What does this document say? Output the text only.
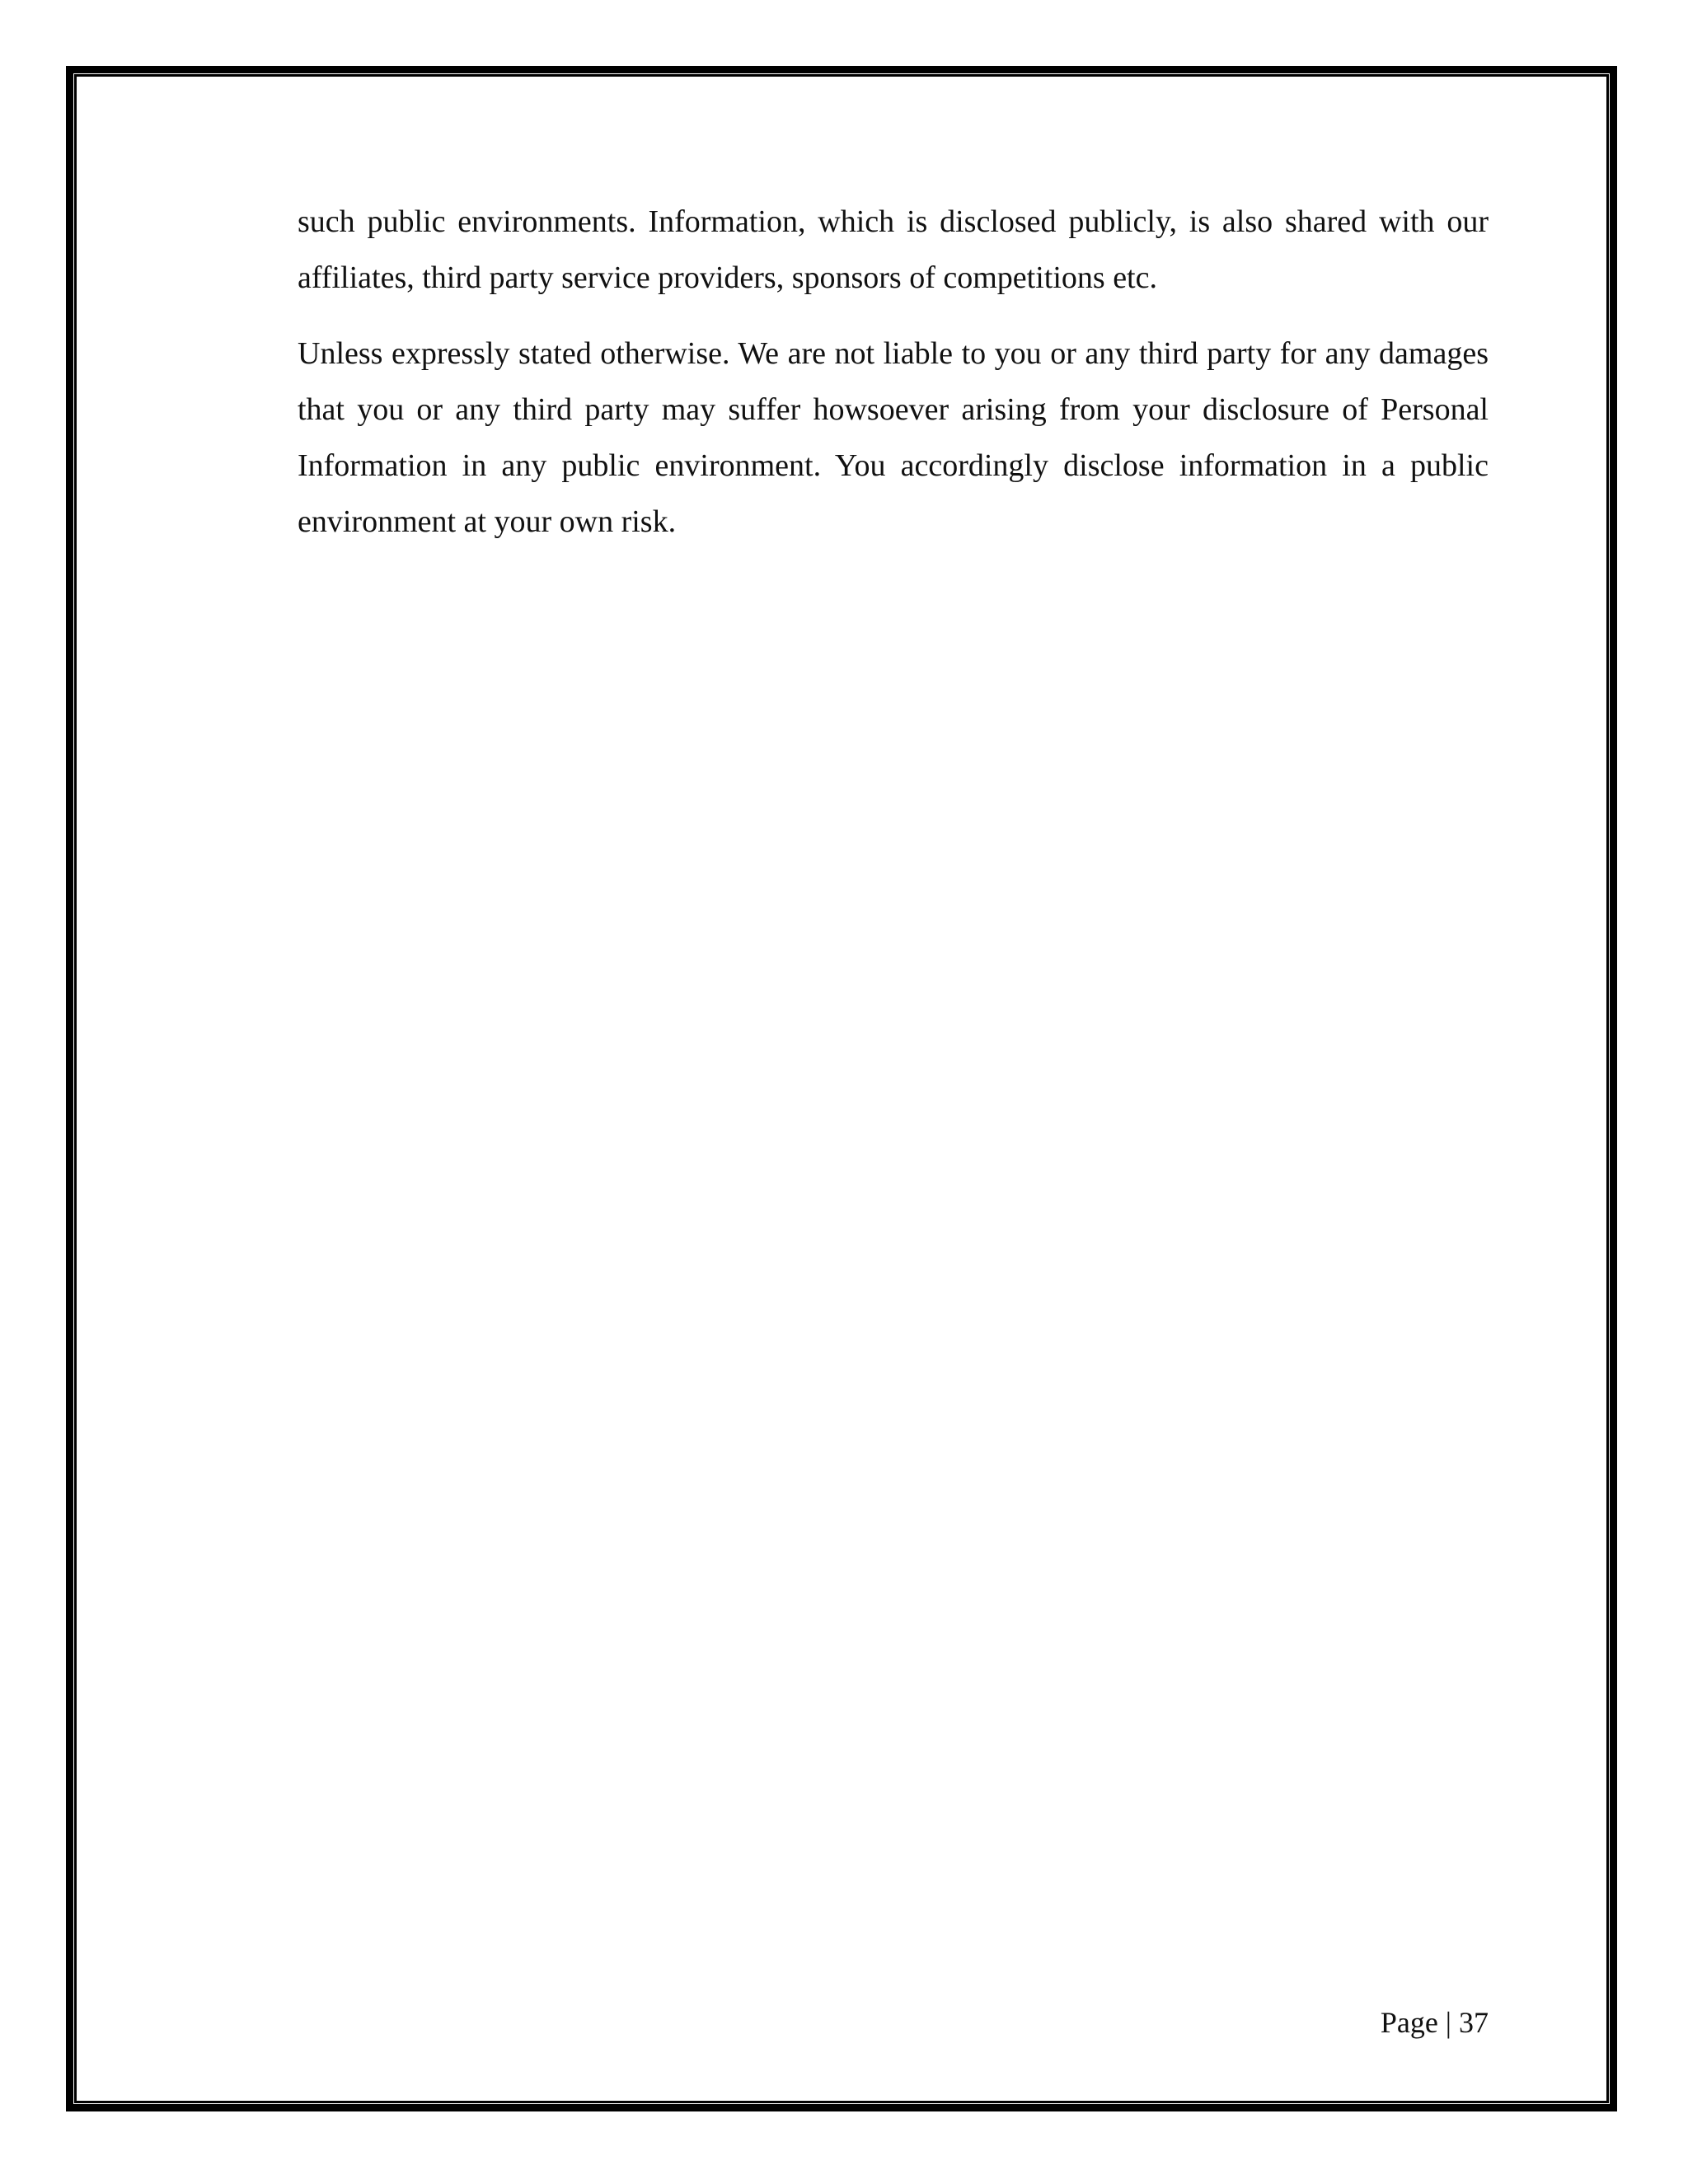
such public environments. Information, which is disclosed publicly, is also shared with our affiliates, third party service providers, sponsors of competitions etc.

Unless expressly stated otherwise. We are not liable to you or any third party for any damages that you or any third party may suffer howsoever arising from your disclosure of Personal Information in any public environment. You accordingly disclose information in a public environment at your own risk.

Page | 37
